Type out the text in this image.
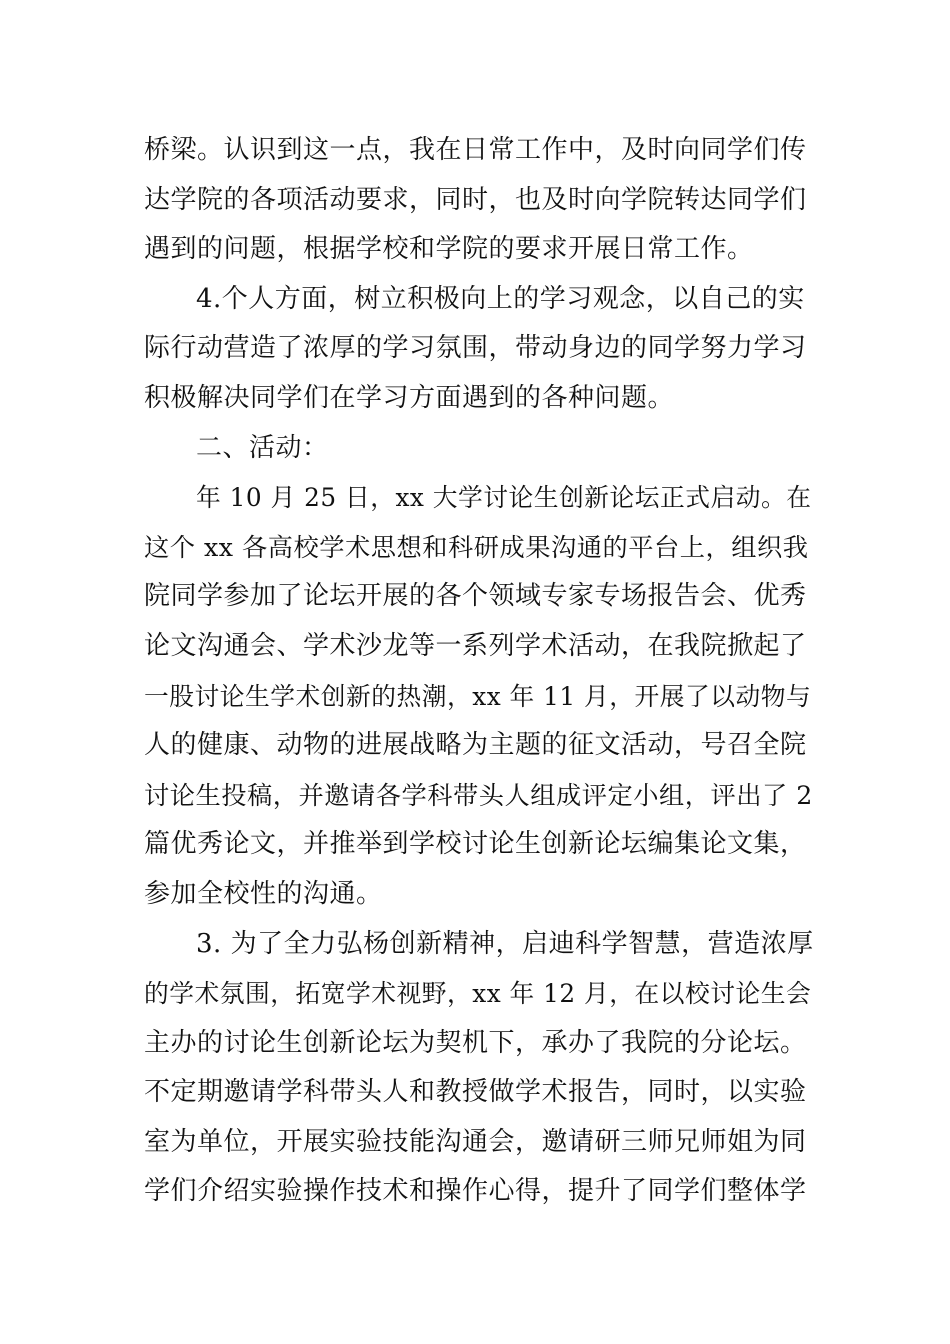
桥梁。认识到这一点，我在日常工作中，及时向同学们传
达学院的各项活动要求，同时，也及时向学院转达同学们
遇到的问题，根据学校和学院的要求开展日常工作。
4.个人方面，树立积极向上的学习观念，以自己的实
际行动营造了浓厚的学习氛围，带动身边的同学努力学习
积极解决同学们在学习方面遇到的各种问题。
二、活动：
年 10 月 25 日，xx 大学讨论生创新论坛正式启动。在
这个 xx 各高校学术思想和科研成果沟通的平台上，组织我
院同学参加了论坛开展的各个领域专家专场报告会、优秀
论文沟通会、学术沙龙等一系列学术活动，在我院掀起了
一股讨论生学术创新的热潮，xx 年 11 月，开展了以动物与
人的健康、动物的进展战略为主题的征文活动，号召全院
讨论生投稿，并邀请各学科带头人组成评定小组，评出了 2
篇优秀论文，并推举到学校讨论生创新论坛编集论文集，
参加全校性的沟通。
3. 为了全力弘杨创新精神，启迪科学智慧，营造浓厚
的学术氛围，拓宽学术视野，xx 年 12 月，在以校讨论生会
主办的讨论生创新论坛为契机下，承办了我院的分论坛。
不定期邀请学科带头人和教授做学术报告，同时，以实验
室为单位，开展实验技能沟通会，邀请研三师兄师姐为同
学们介绍实验操作技术和操作心得，提升了同学们整体学
